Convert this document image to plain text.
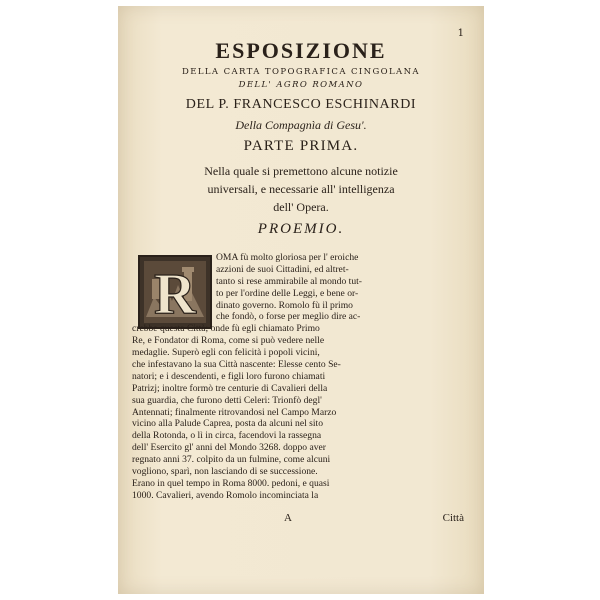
1
ESPOSIZIONE
DELLA CARTA TOPOGRAFICA CINGOLANA
DELL' AGRO ROMANO
DEL P. FRANCESCO ESCHINARDI
Della Compagnìa di Gesu'.
PARTE PRIMA.
Nella quale si premettono alcune notizie
universali, e necessarie all' intelligenza
dell' Opera.
PROEMIO.
R
OMA fù molto gloriosa per l' eroiche
azzioni de suoi Cittadini, ed altret-
tanto si rese ammirabile al mondo tut-
to per l'ordine delle Leggi, e bene or-
dinato governo. Romolo fù il primo
che fondò, o forse per meglio dire ac-
crebbe questa Città; onde fù egli chiamato Primo
Re, e Fondator di Roma, come si può vedere nelle
medaglie. Superò egli con felicità i popoli vicini,
che infestavano la sua Città nascente: Elesse cento Se-
natori; e i descendenti, e figli loro furono chiamati
Patrizj; inoltre formò tre centurie di Cavalieri della
sua guardia, che furono detti Celeri: Trionfò degl'
Antennati; finalmente ritrovandosi nel Campo Marzo
vicino alla Palude Caprea, posta da alcuni nel sito
della Rotonda, o lì in circa, facendovi la rassegna
dell' Esercito gl' anni del Mondo 3268. doppo aver
regnato anni 37. colpito da un fulmine, come alcuni
vogliono, sparì, non lasciando di se successione.
Erano in quel tempo in Roma 8000. pedoni, e quasi
1000. Cavalieri, avendo Romolo incominciata la
A	Città
